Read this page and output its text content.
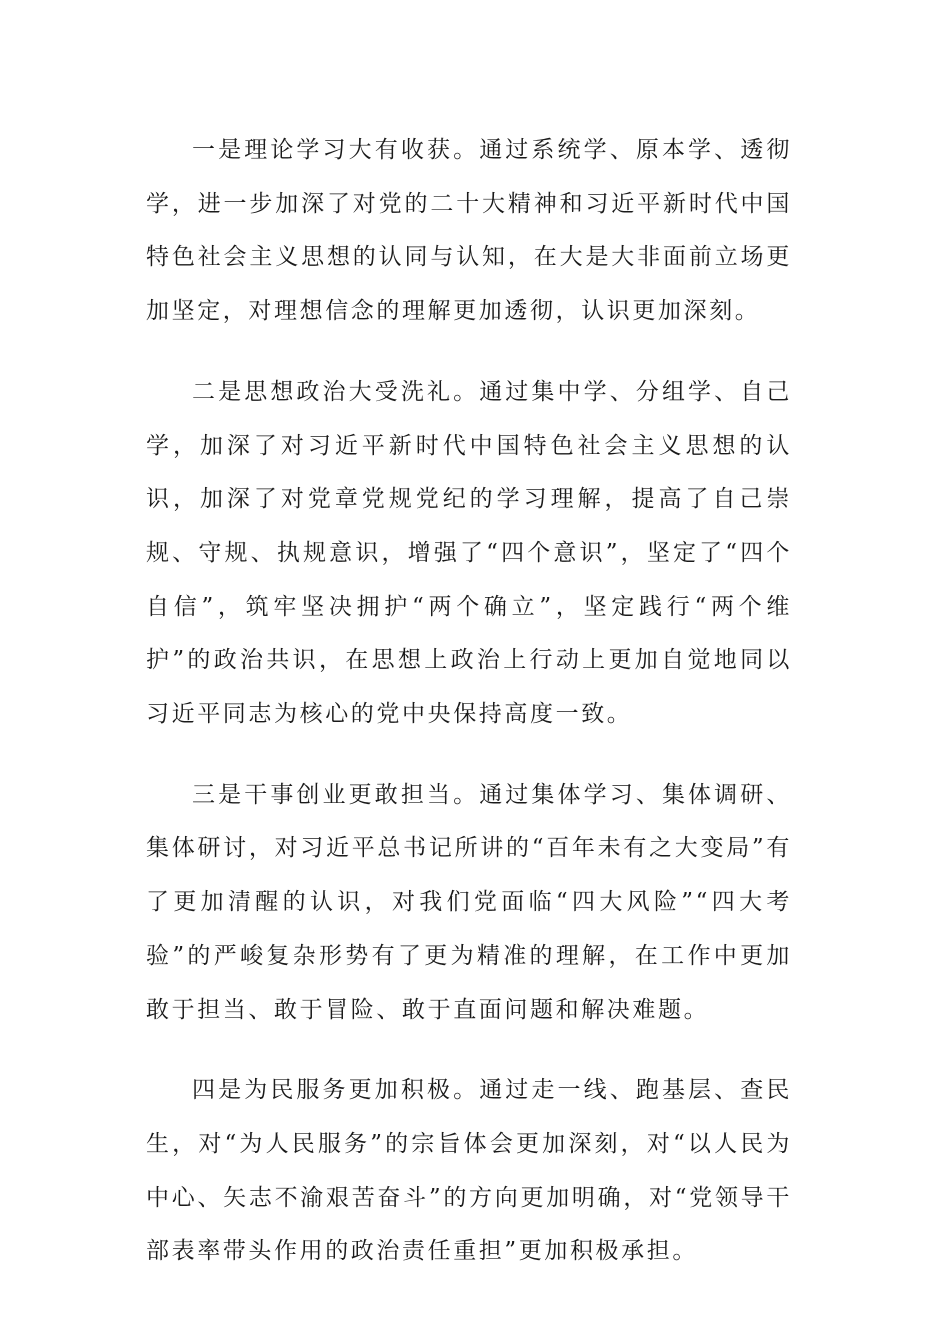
一是理论学习大有收获。通过系统学、原本学、透彻学，进一步加深了对党的二十大精神和习近平新时代中国特色社会主义思想的认同与认知，在大是大非面前立场更加坚定，对理想信念的理解更加透彻，认识更加深刻。

二是思想政治大受洗礼。通过集中学、分组学、自己学，加深了对习近平新时代中国特色社会主义思想的认识，加深了对党章党规党纪的学习理解，提高了自己崇规、守规、执规意识，增强了“四个意识”，坚定了“四个自信”，筑牢坚决拥护“两个确立”，坚定践行“两个维护”的政治共识，在思想上政治上行动上更加自觉地同以习近平同志为核心的党中央保持高度一致。

三是干事创业更敢担当。通过集体学习、集体调研、集体研讨，对习近平总书记所讲的“百年未有之大变局”有了更加清醒的认识，对我们党面临“四大风险”“四大考验”的严峻复杂形势有了更为精准的理解，在工作中更加敢于担当、敢于冒险、敢于直面问题和解决难题。

四是为民服务更加积极。通过走一线、跑基层、查民生，对“为人民服务”的宗旨体会更加深刻，对“以人民为中心、矢志不渝艰苦奋斗”的方向更加明确，对“党领导干部表率带头作用的政治责任重担”更加积极承担。
